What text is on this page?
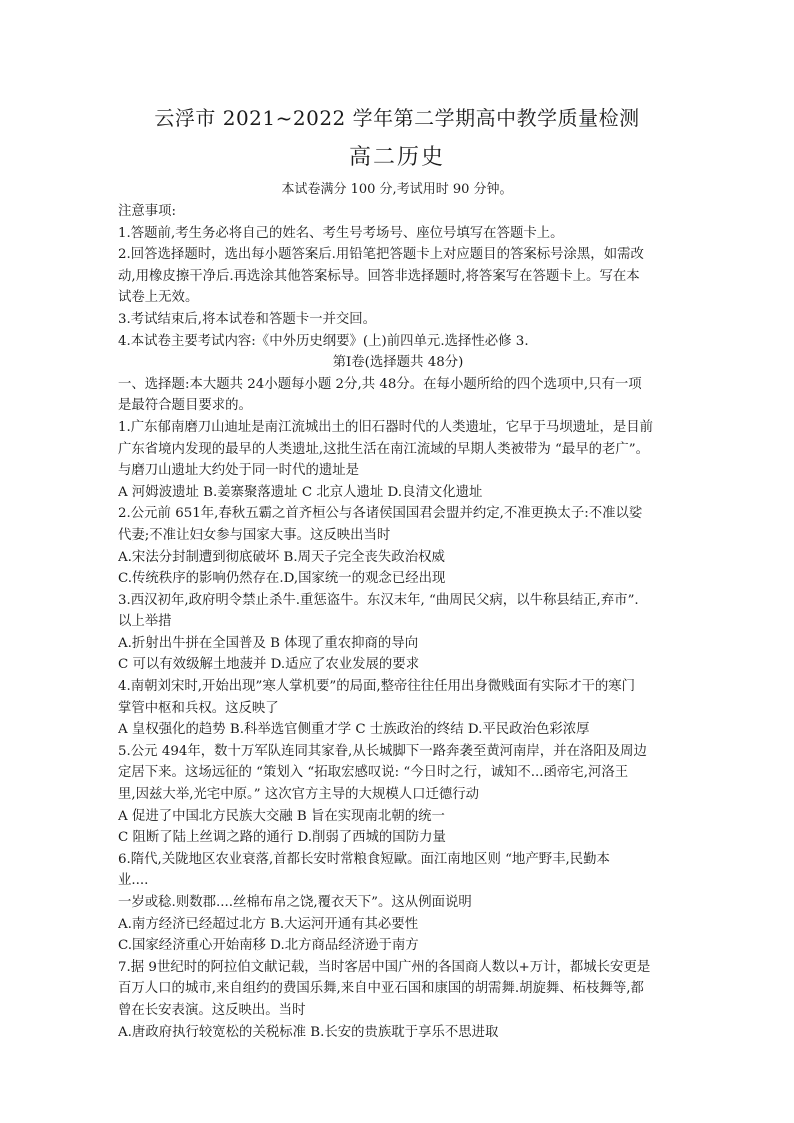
云浮市 2021~2022 学年第二学期高中教学质量检测
高二历史
本试卷满分 100 分,考试用时 90 分钟。
注意事项:
1.答题前,考生务必将自己的姓名、考生号考场号、座位号填写在答题卡上。
2.回答选择题时，选出每小题答案后.用铅笔把答题卡上对应题目的答案标号涂黑，如需改
动,用橡皮擦干净后.再选涂其他答案标导。回答非选择题时,将答案写在答题卡上。写在本
试卷上无效。
3.考试结束后,将本试卷和答题卡一并交回。
4.本试卷主要考试内容:《中外历史纲要》(上)前四单元.选择性必修 3.
第Ⅰ卷(选择题共 48分)
一、选择题:本大题共 24小题每小题 2分,共 48分。在每小题所给的四个选项中,只有一项
是最符合题目要求的。
1.广东郁南磨刀山迪址是南江流城出土的旧石器时代的人类遗址，它早于马坝遗址，是目前
广东省境内发现的最早的人类遗址,这批生活在南江流域的早期人类被带为 “最早的老广”。
与磨刀山遗址大约处于同一时代的遗址是
A 河姆波遗址 B.姜寨聚落遗址 C 北京人遗址 D.良清文化遗址
2.公元前 651年,春秋五霸之首齐桓公与各诸侯国国君会盟并约定,不准更换太子:不准以娑
代妻;不准让妇女参与国家大事。这反映出当时
A.宋法分封制遭到彻底破坏 B.周天子完全丧失政治权威
C.传统秩序的影响仍然存在.D,国家统一的观念已经出现
3.西汉初年,政府明令禁止杀牛.重惩盗牛。东汉末年, “曲周民父病，以牛称县结正,弃市”.
以上举措
A.折射出牛拼在全国普及 B 体现了重农抑商的导向
C 可以有效级解土地菠并 D.适应了农业发展的要求
4.南朝刘宋时,开始出现”寒人掌机要”的局面,整帝往往任用出身微贱面有实际才干的寒门
掌管中枢和兵权。这反映了
A 皇权强化的趋势 B.科举选官侧重才学 C 士族政治的终结 D.平民政治色彩浓厚
5.公元 494年，数十万军队连同其家眷,从长城脚下一路奔袭至黄河南岸，并在洛阳及周边
定居下来。这场远征的 “策划入 “拓取宏感叹说: “今日时之行，诚知不...函帝宅,河洛王
里,因兹大举,光宅中原。” 这次官方主导的大规模人口迁德行动
A 促进了中国北方民族大交融 B 旨在实现南北朝的统一
C 阻断了陆上丝调之路的通行 D.削弱了西城的国防力量
6.隋代,关陇地区农业衰落,首都长安时常粮食短歐。面江南地区则 “地产野丰,民勤本
业....
一岁或稔.则数郡....丝棉布帛之饶,覆衣天下”。这从例面说明
A.南方经济已经超过北方 B.大运河开通有其必要性
C.国家经济重心开始南移 D.北方商品经济逊于南方
7.据 9世纪时的阿拉伯文献记载，当时客居中国广州的各国商人数以+万计，都城长安更是
百万人口的城市,来自组约的费国乐舞,来自中亚石国和康国的胡需舞.胡旋舞、柘枝舞等,都
曾在长安表演。这反映出。当时
A.唐政府执行较宽松的关税标准 B.长安的贵族耽于享乐不思进取
